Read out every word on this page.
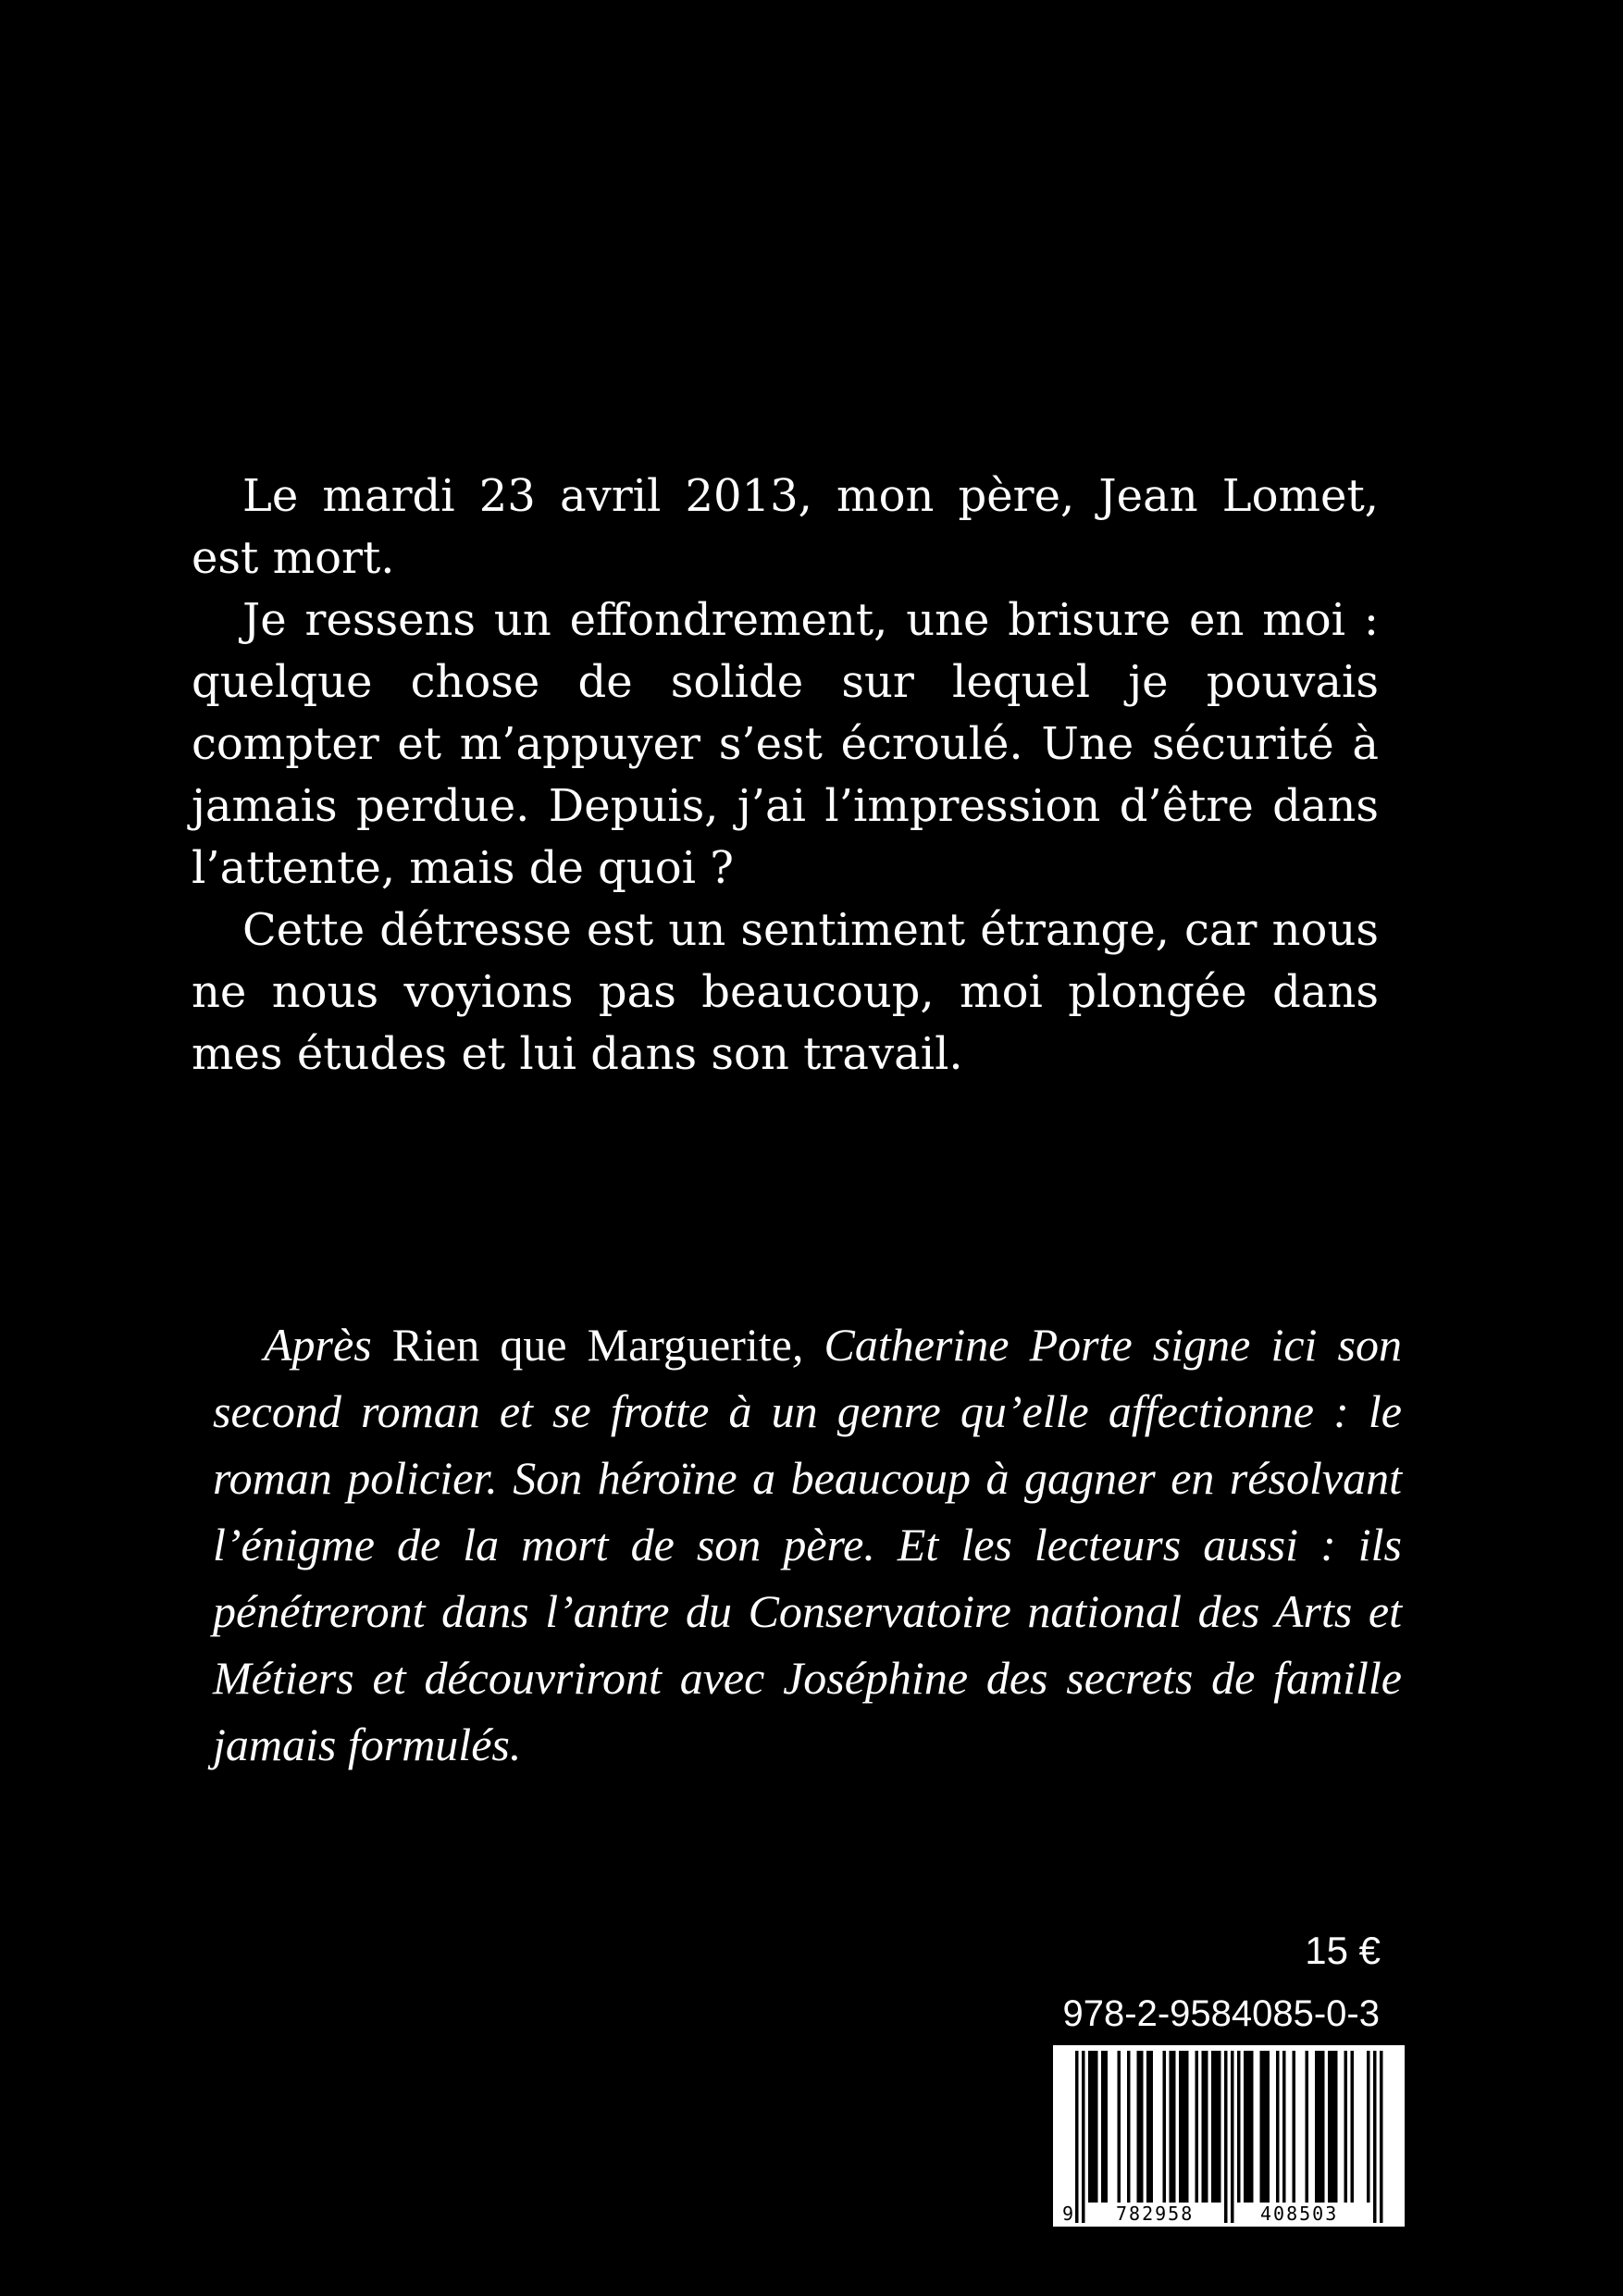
Le mardi 23 avril 2013, mon père, Jean Lomet, est mort.

Je ressens un effondrement, une brisure en moi : quelque chose de solide sur lequel je pouvais compter et m’appuyer s’est écroulé. Une sécurité à jamais perdue. Depuis, j’ai l’impression d’être dans l’attente, mais de quoi ?

Cette détresse est un sentiment étrange, car nous ne nous voyions pas beaucoup, moi plongée dans mes études et lui dans son travail.

Après Rien que Marguerite, Catherine Porte signe ici son second roman et se frotte à un genre qu’elle affectionne : le roman policier. Son héroïne a beaucoup à gagner en résolvant l’énigme de la mort de son père. Et les lecteurs aussi : ils pénétreront dans l’antre du Conservatoire national des Arts et Métiers et découvriront avec Joséphine des secrets de famille jamais formulés.

15 €
978-2-9584085-0-3
9 782958	408503
